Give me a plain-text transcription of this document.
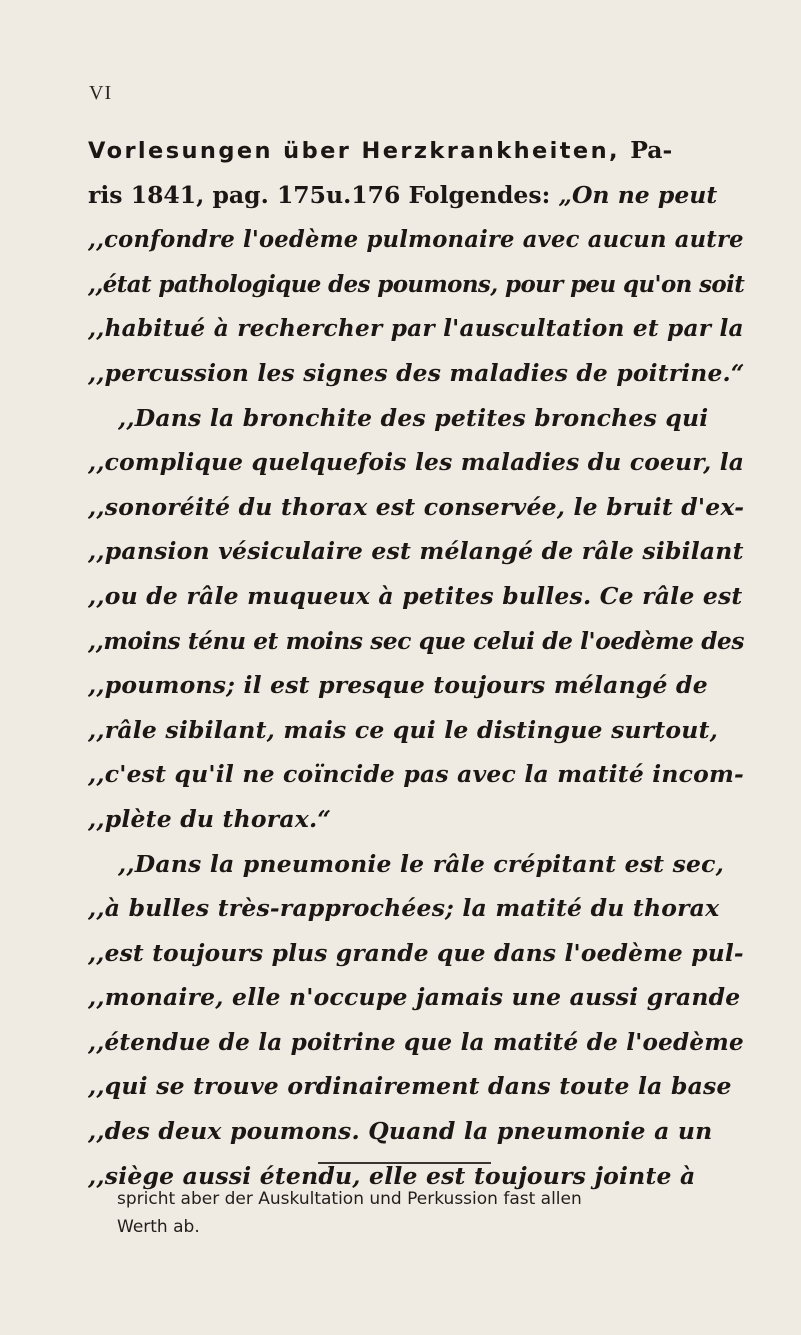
VI
Vorlesungen über Herzkrankheiten, Pa-
ris 1841, pag. 175u.176 Folgendes: „On ne peut
,,confondre l'oedème pulmonaire avec aucun autre
,,état pathologique des poumons, pour peu qu'on soit
,,habitué à rechercher par l'auscultation et par la
,,percussion les signes des maladies de poitrine.“
,,Dans la bronchite des petites bronches qui
,,complique quelquefois les maladies du coeur, la
,,sonoréité du thorax est conservée, le bruit d'ex-
,,pansion vésiculaire est mélangé de râle sibilant
,,ou de râle muqueux à petites bulles. Ce râle est
,,moins ténu et moins sec que celui de l'oedème des
,,poumons; il est presque toujours mélangé de
,,râle sibilant, mais ce qui le distingue surtout,
,,c'est qu'il ne coïncide pas avec la matité incom-
,,plète du thorax.“
,,Dans la pneumonie le râle crépitant est sec,
,,à bulles très-rapprochées; la matité du thorax
,,est toujours plus grande que dans l'oedème pul-
,,monaire, elle n'occupe jamais une aussi grande
,,étendue de la poitrine que la matité de l'oedème
,,qui se trouve ordinairement dans toute la base
,,des deux poumons. Quand la pneumonie a un
,,siège aussi étendu, elle est toujours jointe à
spricht aber der Auskultation und Perkussion fast allen
Werth ab.
